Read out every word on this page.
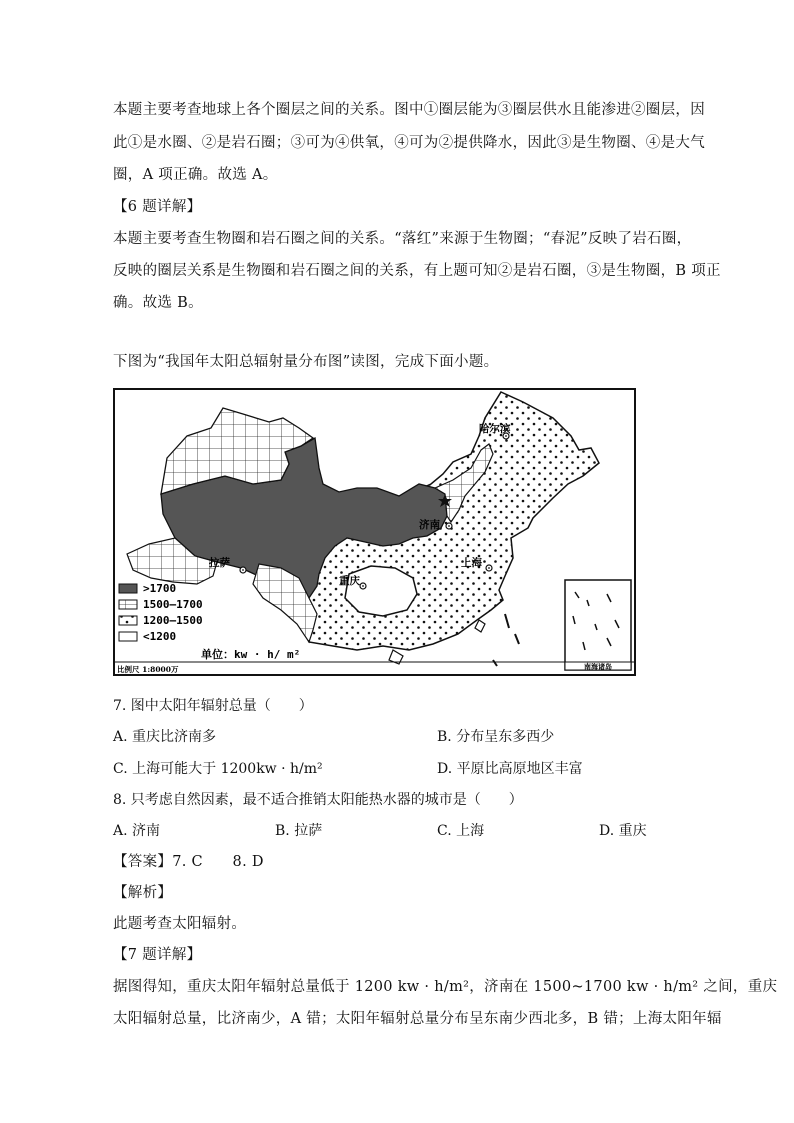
本题主要考查地球上各个圈层之间的关系。图中①圈层能为③圈层供水且能渗进②圈层，因
此①是水圈、②是岩石圈；③可为④供氧，④可为②提供降水，因此③是生物圈、④是大气
圈，A 项正确。故选 A。
【6 题详解】
本题主要考查生物圈和岩石圈之间的关系。“落红”来源于生物圈；“春泥”反映了岩石圈，
反映的圈层关系是生物圈和岩石圈之间的关系，有上题可知②是岩石圈，③是生物圈，B 项正
确。故选 B。
下图为“我国年太阳总辐射量分布图”读图，完成下面小题。
南海诸岛
哈尔滨
济南
拉萨
重庆
上海
>1700
1500—1700
1200—1500
<1200
单位：kw · h/ m²
比例尺 1:8000万
7. 图中太阳年辐射总量（　　）
A. 重庆比济南多	B. 分布呈东多西少
C. 上海可能大于 1200kw · h/m²	D. 平原比高原地区丰富
8. 只考虑自然因素，最不适合推销太阳能热水器的城市是（　　）
A. 济南	B. 拉萨	C. 上海	D. 重庆
【答案】7. C　　8. D
【解析】
此题考查太阳辐射。
【7 题详解】
据图得知，重庆太阳年辐射总量低于 1200 kw · h/m²，济南在 1500~1700 kw · h/m² 之间，重庆
太阳辐射总量，比济南少，A 错；太阳年辐射总量分布呈东南少西北多，B 错；上海太阳年辐
